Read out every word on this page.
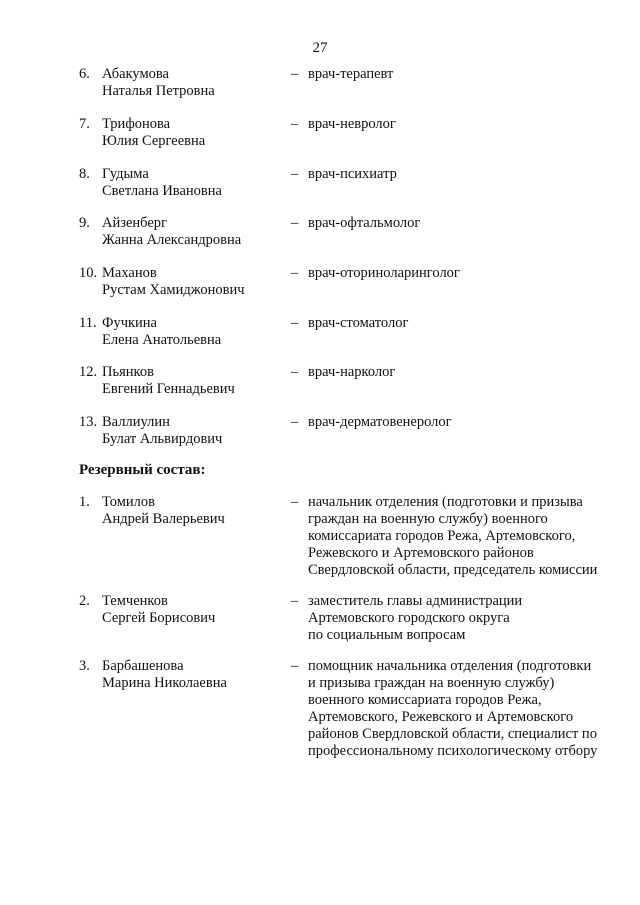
27
6. Абакумова
Наталья Петровна
– врач-терапевт
7. Трифонова
Юлия Сергеевна
– врач-невролог
8. Гудыма
Светлана Ивановна
– врач-психиатр
9. Айзенберг
Жанна Александровна
– врач-офтальмолог
10. Маханов
Рустам Хамиджонович
– врач-оториноларинголог
11. Фучкина
Елена Анатольевна
– врач-стоматолог
12. Пьянков
Евгений Геннадьевич
– врач-нарколог
13. Валлиулин
Булат Альвирдович
– врач-дерматовенеролог
Резервный состав:
1. Томилов
Андрей Валерьевич
– начальник отделения (подготовки и призыва
граждан на военную службу) военного
комиссариата городов Режа, Артемовского,
Режевского и Артемовского районов
Свердловской области, председатель комиссии
2. Темченков
Сергей Борисович
– заместитель главы администрации
Артемовского городского округа
по социальным вопросам
3. Барбашенова
Марина Николаевна
– помощник начальника отделения (подготовки
и призыва граждан на военную службу)
военного комиссариата городов Режа,
Артемовского, Режевского и Артемовского
районов Свердловской области, специалист по
профессиональному психологическому отбору
